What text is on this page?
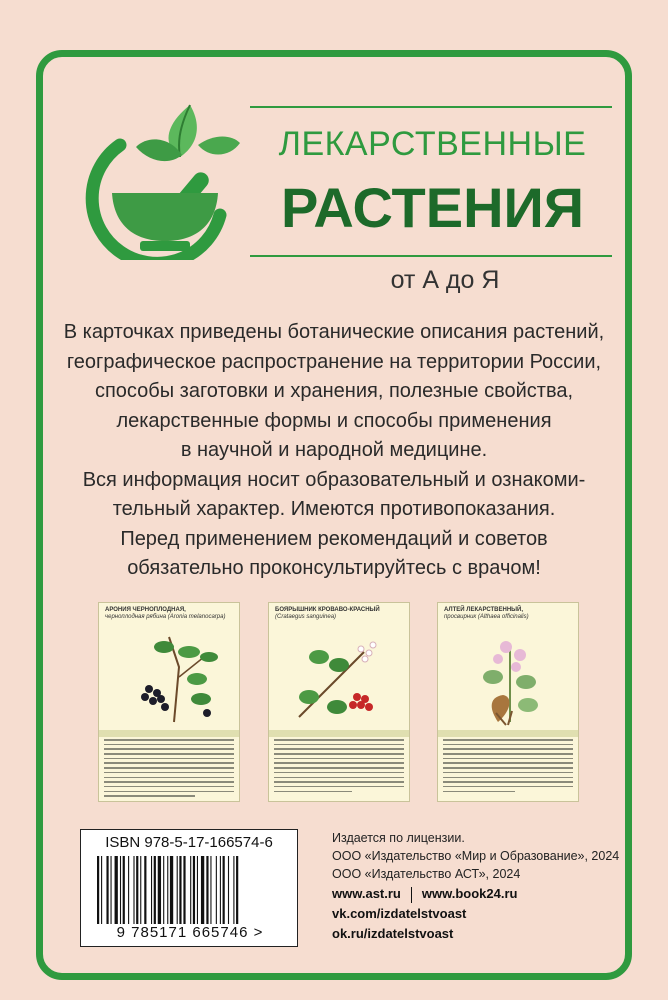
ЛЕКАРСТВЕННЫЕ
РАСТЕНИЯ
от А до Я
В карточках приведены ботанические описания растений,
географическое распространение на территории России,
способы заготовки и хранения, полезные свойства,
лекарственные формы и способы применения
в научной и народной медицине.
Вся информация носит образовательный и ознакоми-
тельный характер. Имеются противопоказания.
Перед применением рекомендаций и советов
обязательно проконсультируйтесь с врачом!
АРОНИЯ ЧЕРНОПЛОДНАЯ,
черноплодная рябина (Aronia melanocarpa)
БОЯРЫШНИК КРОВАВО-КРАСНЫЙ
(Crataegus sanguinea)
АЛТЕЙ ЛЕКАРСТВЕННЫЙ,
просвирник (Althaea officinalis)
ISBN 978-5-17-166574-6
9 785171 665746 >
Издается по лицензии.
ООО «Издательство «Мир и Образование», 2024
ООО «Издательство АСТ», 2024
www.ast.ru www.book24.ru
vk.com/izdatelstvoast
ok.ru/izdatelstvoast
